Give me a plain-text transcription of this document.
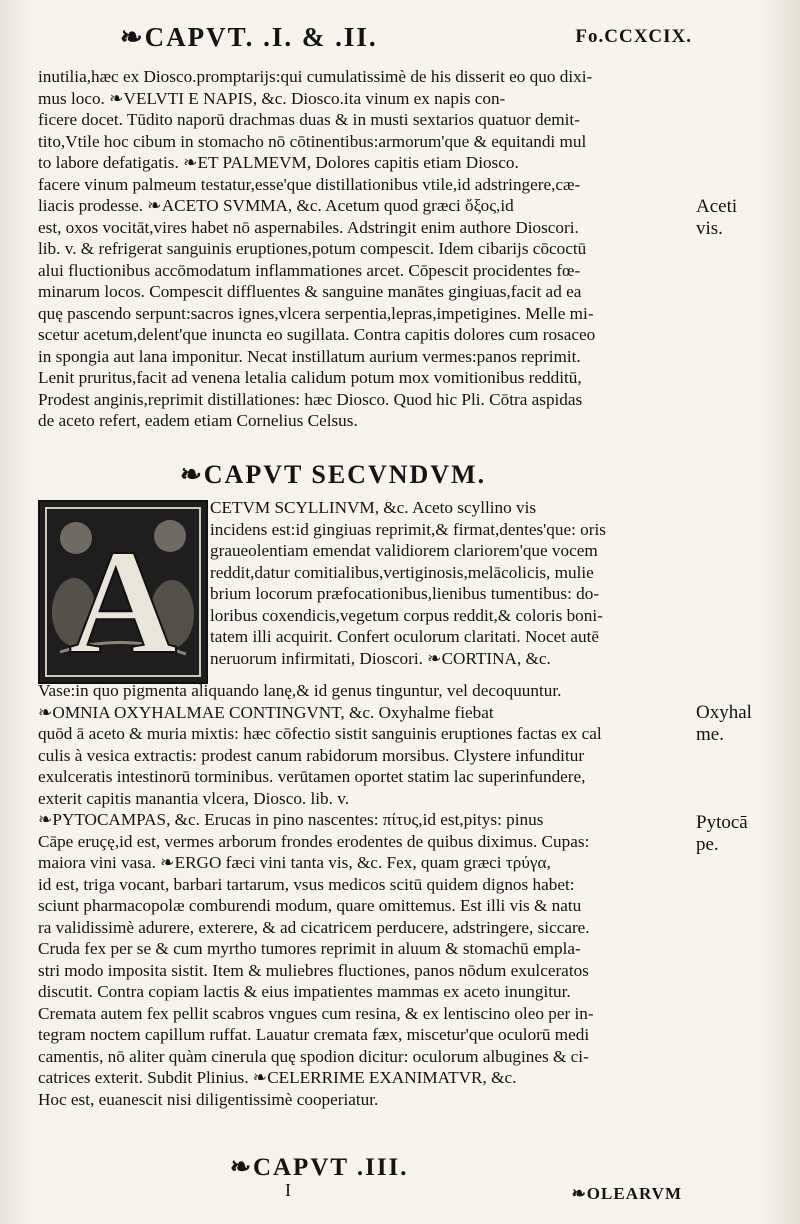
❧CAPVT. .I. & .II.	Fo.CCXCIX.
inutilia,hæc ex Diosco.promptarijs:qui cumulatissimè de his disserit eo quo dixi-
mus loco. ❧VELVTI E NAPIS, &c. Diosco.ita vinum ex napis con-
ficere docet. Tūdito naporū drachmas duas & in musti sextarios quatuor demit-
tito,Vtile hoc cibum in stomacho nō cōtinentibus:armorum'que & equitandi mul
to labore defatigatis. ❧ET PALMEVM, Dolores capitis etiam Diosco.
facere vinum palmeum testatur,esse'que distillationibus vtile,id adstringere,cæ-
liacis prodesse. ❧ACETO SVMMA, &c. Acetum quod græci ὄξος,id
est, oxos vocitāt,vires habet nō aspernabiles. Adstringit enim authore Dioscori.
lib. v. & refrigerat sanguinis eruptiones,potum compescit. Idem cibarijs cōcoctū
alui fluctionibus accōmodatum inflammationes arcet. Cōpescit procidentes fœ-
minarum locos. Compescit diffluentes & sanguine manātes gingiuas,facit ad ea
quę pascendo serpunt:sacros ignes,vlcera serpentia,lepras,impetigines. Melle mi-
scetur acetum,delent'que inuncta eo sugillata. Contra capitis dolores cum rosaceo
in spongia aut lana imponitur. Necat instillatum aurium vermes:panos reprimit.
Lenit pruritus,facit ad venena letalia calidum potum mox vomitionibus redditū,
Prodest anginis,reprimit distillationes: hæc Diosco. Quod hic Pli. Cōtra aspidas
de aceto refert, eadem etiam Cornelius Celsus.
❧CAPVT SECVNDVM.
A
CETVM SCYLLINVM, &c. Aceto scyllino vis
incidens est:id gingiuas reprimit,& firmat,dentes'que: oris
graueolentiam emendat validiorem clariorem'que vocem
reddit,datur comitialibus,vertiginosis,melācolicis, mulie
brium locorum præfocationibus,lienibus tumentibus: do-
loribus coxendicis,vegetum corpus reddit,& coloris boni-
tatem illi acquirit. Confert oculorum claritati. Nocet autē
neruorum infirmitati, Dioscori. ❧CORTINA, &c.
Vase:in quo pigmenta aliquando lanę,& id genus tinguntur, vel decoquuntur.
❧OMNIA OXYHALMAE CONTINGVNT, &c. Oxyhalme fiebat
quōd ā aceto & muria mixtis: hæc cōfectio sistit sanguinis eruptiones factas ex cal
culis à vesica extractis: prodest canum rabidorum morsibus. Clystere infunditur
exulceratis intestinorū torminibus. verūtamen oportet statim lac superinfundere,
exterit capitis manantia vlcera, Diosco. lib. v.
❧PYTOCAMPAS, &c. Erucas in pino nascentes: πίτυς,id est,pitys: pinus
Cāpe eruçę,id est, vermes arborum frondes erodentes de quibus diximus. Cupas:
maiora vini vasa. ❧ERGO fæci vini tanta vis, &c. Fex, quam græci τρύγα,
id est, triga vocant, barbari tartarum, vsus medicos scitū quidem dignos habet:
sciunt pharmacopolæ comburendi modum, quare omittemus. Est illi vis & natu
ra validissimè adurere, exterere, & ad cicatricem perducere, adstringere, siccare.
Cruda fex per se & cum myrtho tumores reprimit in aluum & stomachū empla-
stri modo imposita sistit. Item & muliebres fluctiones, panos nōdum exulceratos
discutit. Contra copiam lactis & eius impatientes mammas ex aceto inungitur.
Cremata autem fex pellit scabros vngues cum resina, & ex lentiscino oleo per in-
tegram noctem capillum ruffat. Lauatur cremata fæx, miscetur'que oculorū medi
camentis, nō aliter quàm cinerula quę spodion dicitur: oculorum albugines & ci-
catrices exterit. Subdit Plinius. ❧CELERRIME EXANIMATVR, &c.
Hoc est, euanescit nisi diligentissimè cooperiatur.
Aceti
vis.
Oxyhal
me.
Pytocā
pe.
❧CAPVT .III.
I	❧OLEARVM
